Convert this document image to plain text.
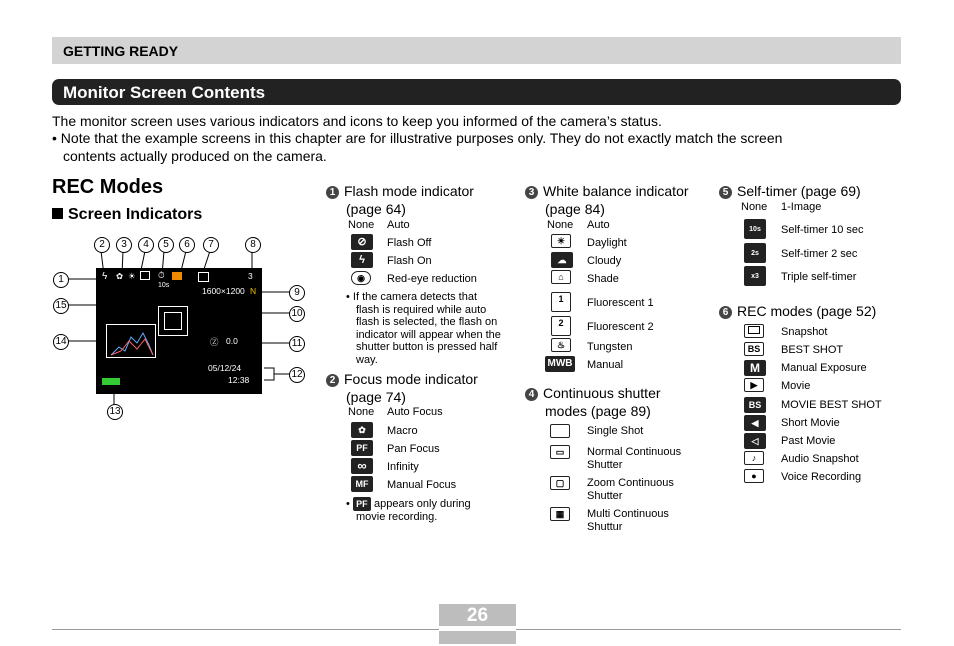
GETTING READY
Monitor Screen Contents
The monitor screen uses various indicators and icons to keep you informed of the camera’s status.
• Note that the example screens in this chapter are for illustrative purposes only. They do not exactly match the screen
contents actually produced on the camera.
REC Modes
Screen Indicators
ϟ ✿ ☀	⏱
10s
3
1600×1200 N
Ⓩ 0.0
05/12/24
12:38
2	3	4	5	6	7	8
1
15
14
9
10
11
12
13
1 Flash mode indicator
(page 64)
None Auto
⊘	Flash Off
ϟ	Flash On
◉	Red-eye reduction
• If the camera detects that
flash is required while auto
flash is selected, the flash on
indicator will appear when the
shutter button is pressed half
way.
2 Focus mode indicator
(page 74)
None Auto Focus
✿	Macro
PF	Pan Focus
∞	Infinity
MF	Manual Focus
• PF appears only during
movie recording.
3 White balance indicator
(page 84)
None Auto
☀	Daylight
☁	Cloudy
⌂	Shade
1	Fluorescent 1
2	Fluorescent 2
♨	Tungsten
MWB Manual
4 Continuous shutter
modes (page 89)
Single Shot
▭	Normal Continuous
Shutter
▢	Zoom Continuous
Shutter
▦	Multi Continuous
Shuttur
5 Self-timer (page 69)
None 1-Image
10s	Self-timer 10 sec
2s	Self-timer 2 sec
x3	Triple self-timer
6 REC modes (page 52)
Snapshot
BS	BEST SHOT
M	Manual Exposure
▶	Movie
BS	MOVIE BEST SHOT
◀	Short Movie
◁	Past Movie
♪	Audio Snapshot
●	Voice Recording
26
